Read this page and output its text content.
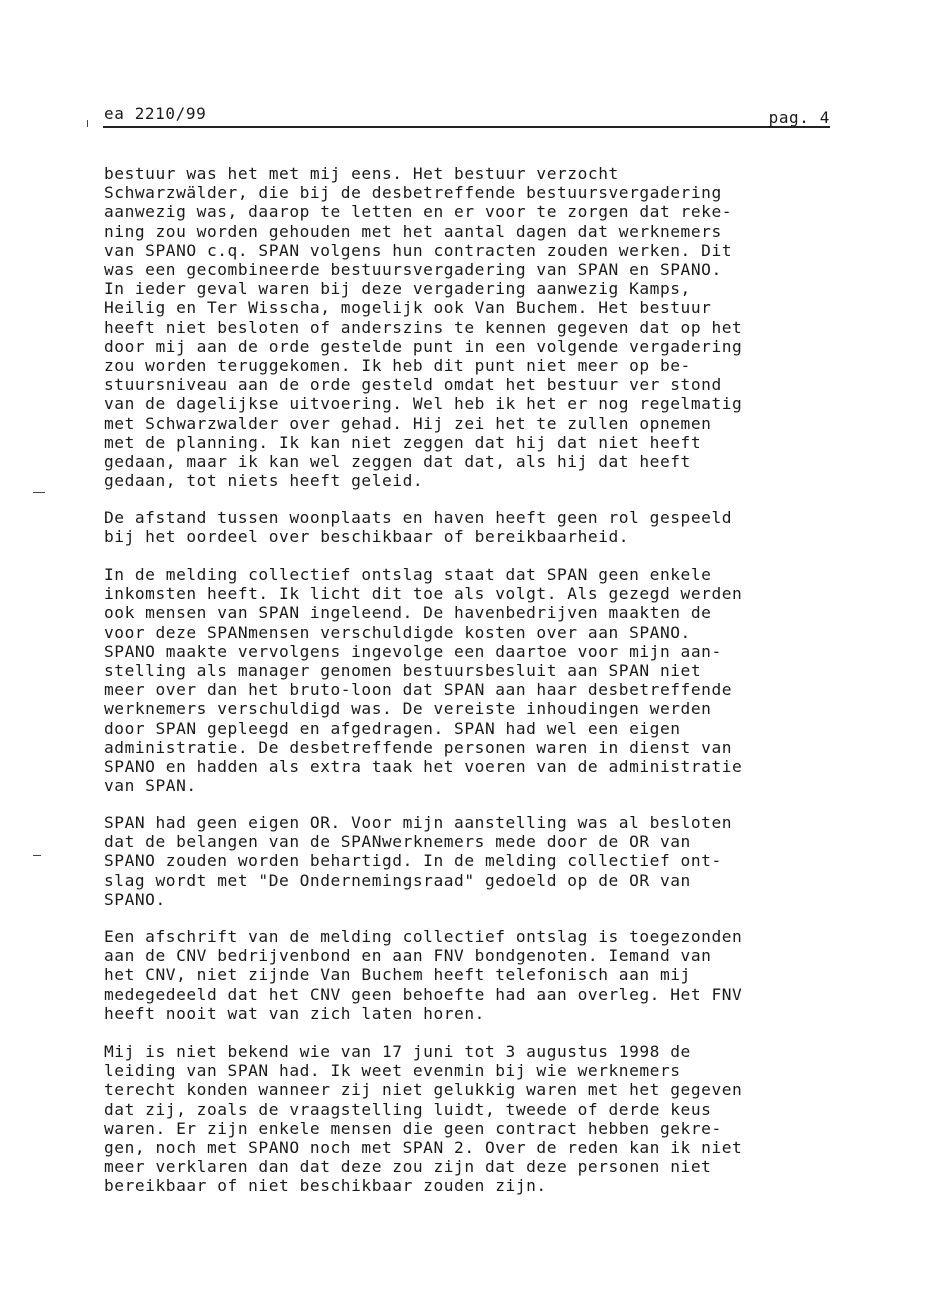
ea 2210/99	pag. 4
bestuur was het met mij eens. Het bestuur verzocht
Schwarzwälder, die bij de desbetreffende bestuursvergadering
aanwezig was, daarop te letten en er voor te zorgen dat reke-
ning zou worden gehouden met het aantal dagen dat werknemers
van SPANO c.q. SPAN volgens hun contracten zouden werken. Dit
was een gecombineerde bestuursvergadering van SPAN en SPANO.
In ieder geval waren bij deze vergadering aanwezig Kamps,
Heilig en Ter Wisscha, mogelijk ook Van Buchem. Het bestuur
heeft niet besloten of anderszins te kennen gegeven dat op het
door mij aan de orde gestelde punt in een volgende vergadering
zou worden teruggekomen. Ik heb dit punt niet meer op be-
stuursniveau aan de orde gesteld omdat het bestuur ver stond
van de dagelijkse uitvoering. Wel heb ik het er nog regelmatig
met Schwarzwalder over gehad. Hij zei het te zullen opnemen
met de planning. Ik kan niet zeggen dat hij dat niet heeft
gedaan, maar ik kan wel zeggen dat dat, als hij dat heeft
gedaan, tot niets heeft geleid.
De afstand tussen woonplaats en haven heeft geen rol gespeeld
bij het oordeel over beschikbaar of bereikbaarheid.
In de melding collectief ontslag staat dat SPAN geen enkele
inkomsten heeft. Ik licht dit toe als volgt. Als gezegd werden
ook mensen van SPAN ingeleend. De havenbedrijven maakten de
voor deze SPANmensen verschuldigde kosten over aan SPANO.
SPANO maakte vervolgens ingevolge een daartoe voor mijn aan-
stelling als manager genomen bestuursbesluit aan SPAN niet
meer over dan het bruto-loon dat SPAN aan haar desbetreffende
werknemers verschuldigd was. De vereiste inhoudingen werden
door SPAN gepleegd en afgedragen. SPAN had wel een eigen
administratie. De desbetreffende personen waren in dienst van
SPANO en hadden als extra taak het voeren van de administratie
van SPAN.
SPAN had geen eigen OR. Voor mijn aanstelling was al besloten
dat de belangen van de SPANwerknemers mede door de OR van
SPANO zouden worden behartigd. In de melding collectief ont-
slag wordt met "De Ondernemingsraad" gedoeld op de OR van
SPANO.
Een afschrift van de melding collectief ontslag is toegezonden
aan de CNV bedrijvenbond en aan FNV bondgenoten. Iemand van
het CNV, niet zijnde Van Buchem heeft telefonisch aan mij
medegedeeld dat het CNV geen behoefte had aan overleg. Het FNV
heeft nooit wat van zich laten horen.
Mij is niet bekend wie van 17 juni tot 3 augustus 1998 de
leiding van SPAN had. Ik weet evenmin bij wie werknemers
terecht konden wanneer zij niet gelukkig waren met het gegeven
dat zij, zoals de vraagstelling luidt, tweede of derde keus
waren. Er zijn enkele mensen die geen contract hebben gekre-
gen, noch met SPANO noch met SPAN 2. Over de reden kan ik niet
meer verklaren dan dat deze zou zijn dat deze personen niet
bereikbaar of niet beschikbaar zouden zijn.
